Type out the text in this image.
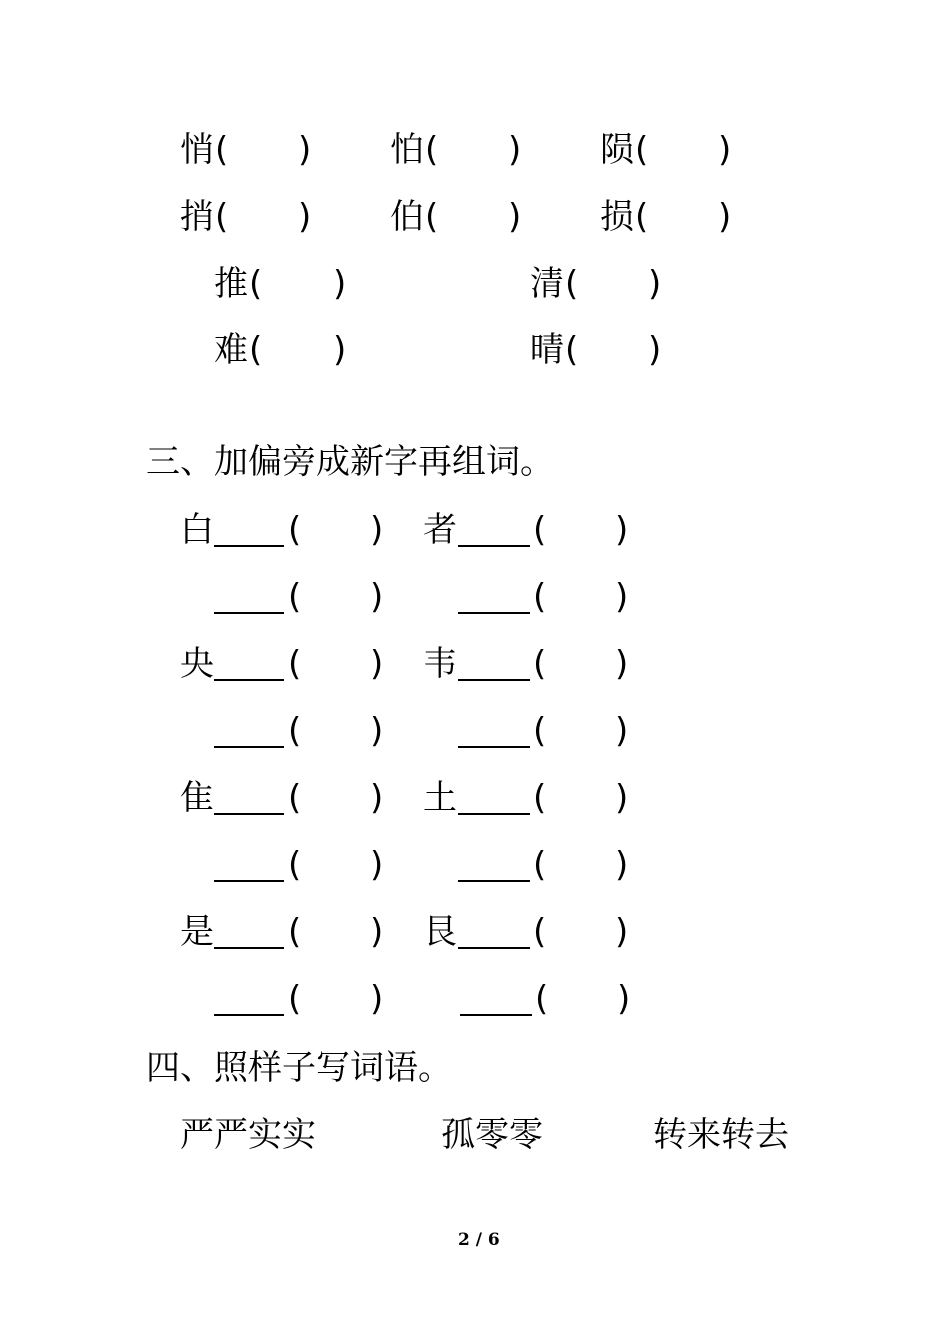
悄 ( ) 怕 ( ) 陨 ( )
捎 ( ) 伯 ( ) 损 ( )
推 ( )	清 ( )
难 ( )	晴 ( )
三、加偏旁成新字再组词。
白 ( ) 者 ( )
( )	( )
央 ( ) 韦 ( )
( )	( )
隹 ( ) 土 ( )
( )	( )
是 ( ) 艮 ( )
( )	( )
四、照样子写词语。
严严实实	孤零零	转来转去
2 / 6
